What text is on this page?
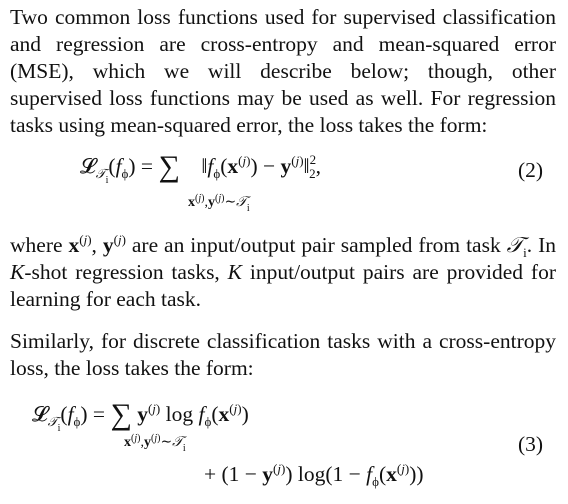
Two common loss functions used for supervised classification and regression are cross-entropy and mean-squared error (MSE), which we will describe below; though, other supervised loss functions may be used as well. For regression tasks using mean-squared error, the loss takes the form:

$𝓛_{𝒯_i}(f_\phi)$ = ∑    $‖f_\phi(x^{(j)})$ − $y^{(j)}‖^2_2$,
$x^{(j)},y^{(j)}\sim 𝒯_i$
(2)

where $x^{(j)}$, $y^{(j)}$ are an input/output pair sampled from task 𝒯$_i$. In K-shot regression tasks, K input/output pairs are provided for learning for each task.

Similarly, for discrete classification tasks with a cross-entropy loss, the loss takes the form:

$𝓛_{𝒯_i}(f_\phi)$ = ∑ $y^{(j)}$ $\log f_\phi(x^{(j)})$
$x^{(j)},y^{(j)}\sim 𝒯_i$	(3)
+ $(1 - y^{(j)})$ $\log(1 - f_\phi(x^{(j)}))$
